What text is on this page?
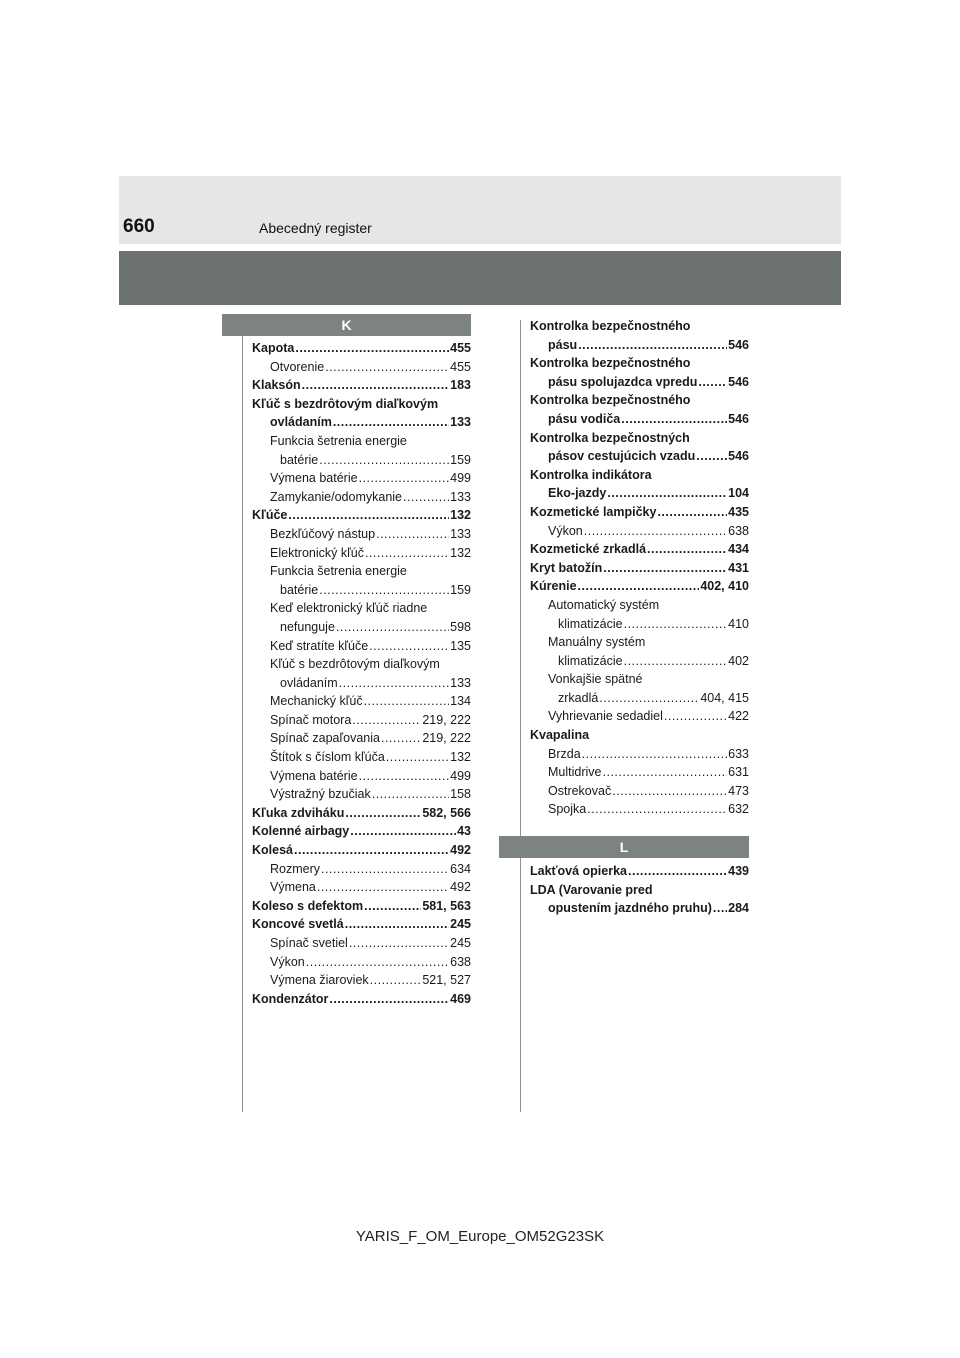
660	Abecedný register
K
L
Kapota .....	455
Otvorenie .....	455
Klaksón .....	183
Kľúč s bezdrôtovým diaľkovým
ovládaním .....	133
Funkcia šetrenia energie
batérie .....	159
Výmena batérie .....	499
Zamykanie/odomykanie .....	133
Kľúče .....	132
Bezkľúčový nástup .....	133
Elektronický kľúč .....	132
Funkcia šetrenia energie
batérie .....	159
Keď elektronický kľúč riadne
nefunguje .....	598
Keď stratíte kľúče .....	135
Kľúč s bezdrôtovým diaľkovým
ovládaním .....	133
Mechanický kľúč .....	134
Spínač motora .....	219, 222
Spínač zapaľovania .....	219, 222
Štítok s číslom kľúča .....	132
Výmena batérie .....	499
Výstražný bzučiak .....	158
Kľuka zdviháku .....	582, 566
Kolenné airbagy .....	43
Kolesá .....	492
Rozmery .....	634
Výmena .....	492
Koleso s defektom .....	581, 563
Koncové svetlá .....	245
Spínač svetiel .....	245
Výkon .....	638
Výmena žiaroviek .....	521, 527
Kondenzátor .....	469
Kontrolka bezpečnostného
pásu .....	546
Kontrolka bezpečnostného
pásu spolujazdca vpredu ..... 546
Kontrolka bezpečnostného
pásu vodiča .....	546
Kontrolka bezpečnostných
pásov cestujúcich vzadu .....	546
Kontrolka indikátora
Eko-jazdy .....	104
Kozmetické lampičky .....	435
Výkon .....	638
Kozmetické zrkadlá .....	434
Kryt batožín .....	431
Kúrenie .....	402, 410
Automatický systém
klimatizácie .....	410
Manuálny systém
klimatizácie .....	402
Vonkajšie spätné
zrkadlá .....	404, 415
Vyhrievanie sedadiel .....	422
Kvapalina
Brzda .....	633
Multidrive .....	631
Ostrekovač .....	473
Spojka .....	632
Lakťová opierka .....	439
LDA (Varovanie pred
opustením jazdného pruhu) ..... 284
YARIS_F_OM_Europe_OM52G23SK
